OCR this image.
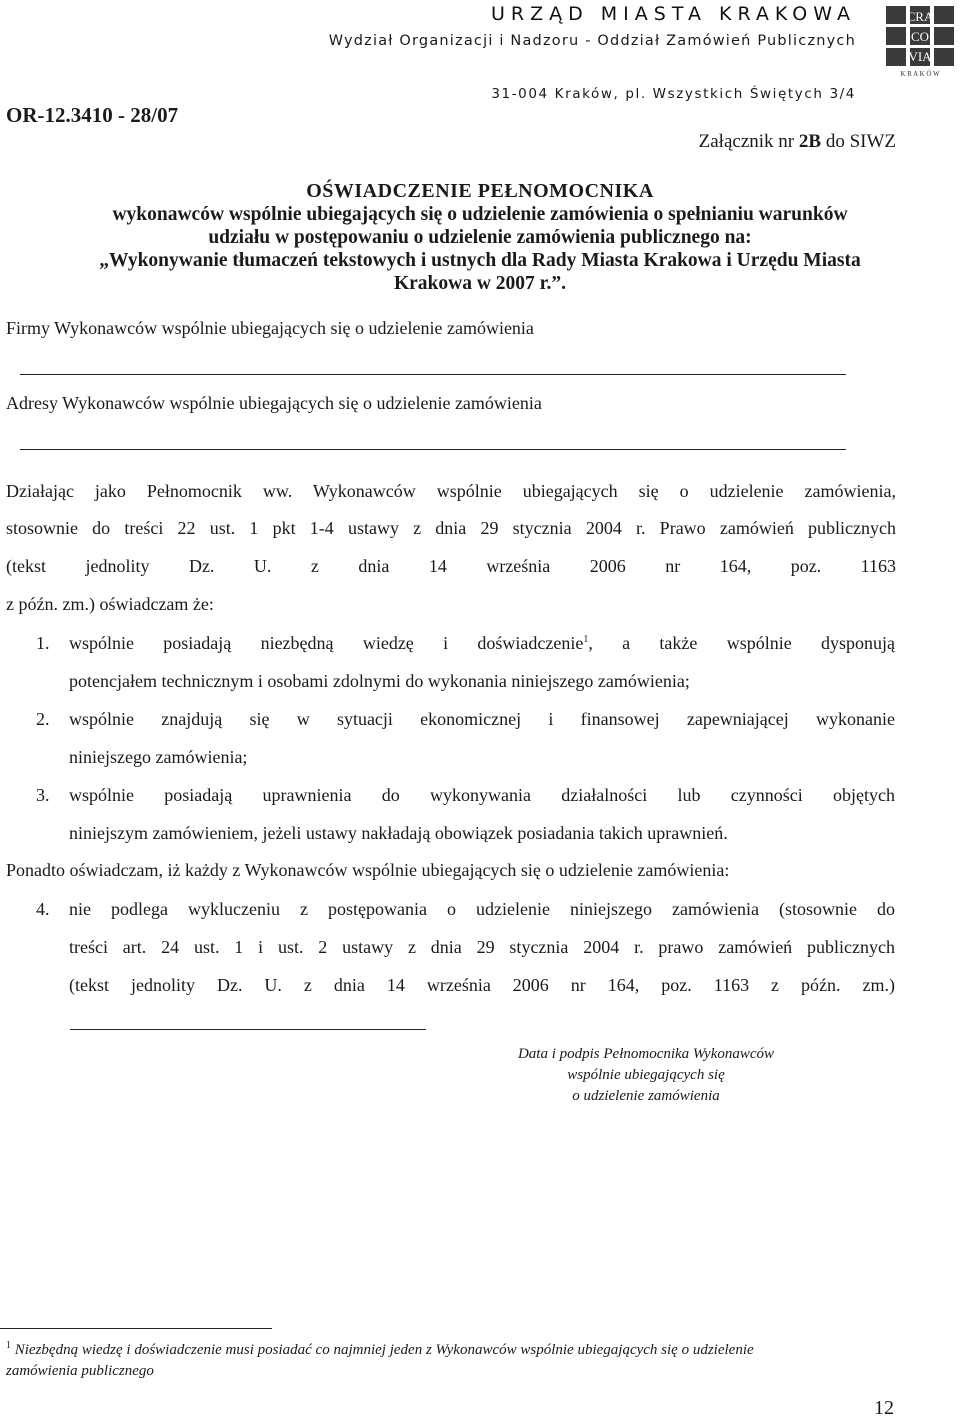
URZĄD MIASTA KRAKOWA
Wydział Organizacji i Nadzoru - Oddział Zamówień Publicznych
31-004 Kraków, pl. Wszystkich Świętych 3/4
CRA
CO
VIA
K R A K Ó W
OR-12.3410 - 28/07
Załącznik nr 2B do SIWZ
OŚWIADCZENIE PEŁNOMOCNIKA
wykonawców wspólnie ubiegających się o udzielenie zamówienia o spełnianiu warunków
udziału w postępowaniu o udzielenie zamówienia publicznego na:
„Wykonywanie tłumaczeń tekstowych i ustnych dla Rady Miasta Krakowa i Urzędu Miasta
Krakowa w 2007 r.”.
Firmy Wykonawców wspólnie ubiegających się o udzielenie zamówienia
Adresy Wykonawców wspólnie ubiegających się o udzielenie zamówienia
Działając jako Pełnomocnik ww. Wykonawców wspólnie ubiegających się o udzielenie zamówienia,
stosownie do treści 22 ust. 1 pkt 1-4 ustawy z dnia 29 stycznia 2004 r. Prawo zamówień publicznych
(tekst jednolity Dz. U. z dnia 14 września 2006 nr 164, poz. 1163
z późn. zm.) oświadczam że:
1. wspólnie posiadają niezbędną wiedzę i doświadczenie$^1$, a także wspólnie dysponują
potencjałem technicznym i osobami zdolnymi do wykonania niniejszego zamówienia;
2. wspólnie znajdują się w sytuacji ekonomicznej i finansowej zapewniającej wykonanie
niniejszego zamówienia;
3. wspólnie posiadają uprawnienia do wykonywania działalności lub czynności objętych
niniejszym zamówieniem, jeżeli ustawy nakładają obowiązek posiadania takich uprawnień.
Ponadto oświadczam, iż każdy z Wykonawców wspólnie ubiegających się o udzielenie zamówienia:
4. nie podlega wykluczeniu z postępowania o udzielenie niniejszego zamówienia (stosownie do
treści art. 24 ust. 1 i ust. 2 ustawy z dnia 29 stycznia 2004 r. prawo zamówień publicznych
(tekst jednolity Dz. U. z dnia 14 września 2006 nr 164, poz. 1163 z późn. zm.)
Data i podpis Pełnomocnika Wykonawców
wspólnie ubiegających się
o udzielenie zamówienia
$^1$ Niezbędną wiedzę i doświadczenie musi posiadać co najmniej jeden z Wykonawców wspólnie ubiegających się o udzielenie
zamówienia publicznego
12
